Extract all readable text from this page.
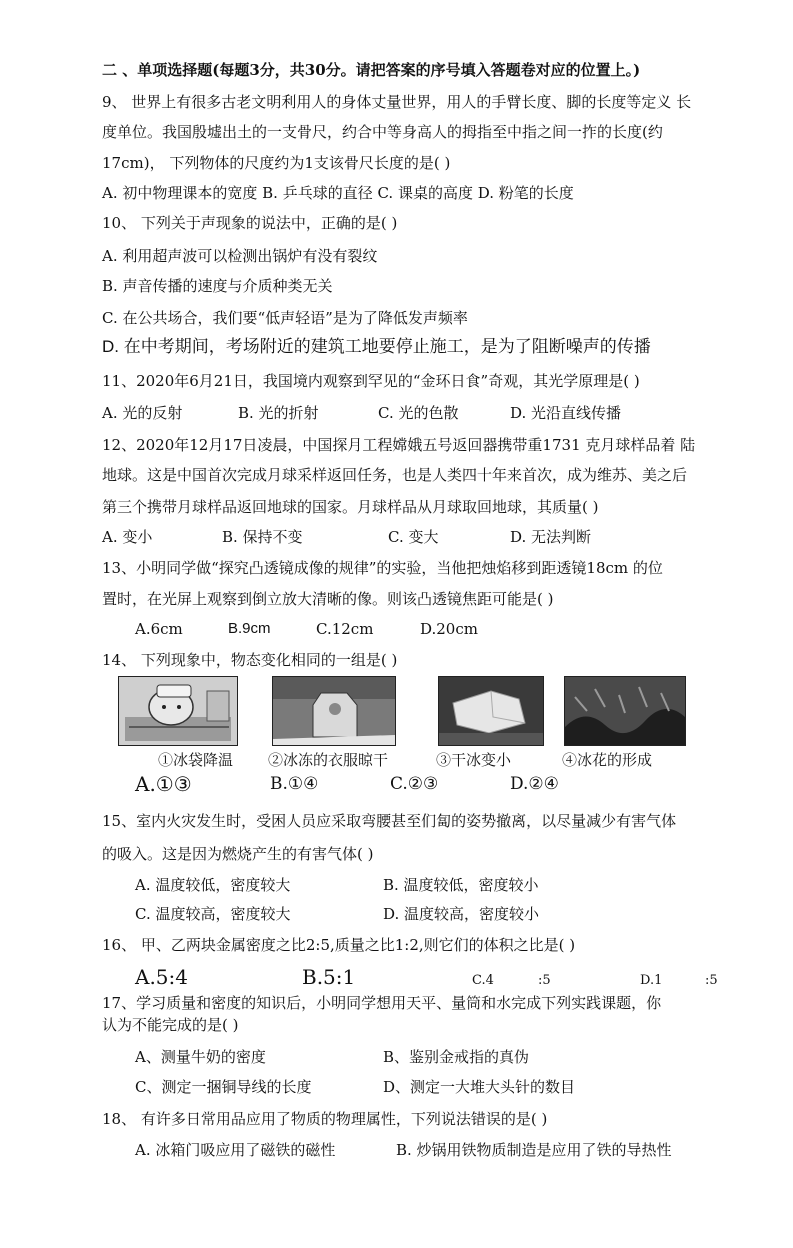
二 、单项选择题(每题3分，共30分。请把答案的序号填入答题卷对应的位置上。)
9、 世界上有很多古老文明利用人的身体丈量世界，用人的手臂长度、脚的长度等定义 长
度单位。我国殷墟出土的一支骨尺，约合中等身高人的拇指至中指之间一拃的长度(约
17cm)， 下列物体的尺度约为1支该骨尺长度的是( )
A. 初中物理课本的宽度 B. 乒乓球的直径 C. 课桌的高度 D. 粉笔的长度
10、 下列关于声现象的说法中，正确的是( )
A. 利用超声波可以检测出锅炉有没有裂纹
B. 声音传播的速度与介质种类无关
C. 在公共场合，我们要“低声轻语”是为了降低发声频率
D. 在中考期间，考场附近的建筑工地要停止施工，是为了阻断噪声的传播
11、2020年6月21日，我国境内观察到罕见的“金环日食”奇观，其光学原理是( )
A. 光的反射	B. 光的折射	C. 光的色散	D. 光沿直线传播
12、2020年12月17日凌晨，中国探月工程嫦娥五号返回器携带重1731 克月球样品着 陆
地球。这是中国首次完成月球采样返回任务，也是人类四十年来首次，成为维苏、美之后
第三个携带月球样品返回地球的国家。月球样品从月球取回地球，其质量( )
A. 变小	B. 保持不变	C. 变大	D. 无法判断
13、小明同学做“探究凸透镜成像的规律”的实验，当他把烛焰移到距透镜18cm 的位
置时，在光屏上观察到倒立放大清晰的像。则该凸透镜焦距可能是( )
A.6cm	B.9cm	C.12cm	D.20cm
14、 下列现象中，物态变化相同的一组是( )
①冰袋降温 ②冰冻的衣服晾干	③干冰变小	④冰花的形成
A.①③	B.①④	C.②③	D.②④
15、室内火灾发生时，受困人员应采取弯腰甚至们匐的姿势撤离，以尽量减少有害气体
的吸入。这是因为燃烧产生的有害气体( )
A. 温度较低，密度较大	B. 温度较低，密度较小
C. 温度较高，密度较大	D. 温度较高，密度较小
16、 甲、乙两块金属密度之比2:5,质量之比1:2,则它们的体积之比是( )
A.5:4	B.5:1	C.4	:5	D.1	:5
17、学习质量和密度的知识后，小明同学想用天平、量筒和水完成下列实践课题，你
认为不能完成的是( )
A、测量牛奶的密度	B、鉴别金戒指的真伪
C、测定一捆铜导线的长度	D、测定一大堆大头针的数目
18、 有许多日常用品应用了物质的物理属性，下列说法错误的是( )
A. 冰箱门吸应用了磁铁的磁性	B. 炒锅用铁物质制造是应用了铁的导热性
